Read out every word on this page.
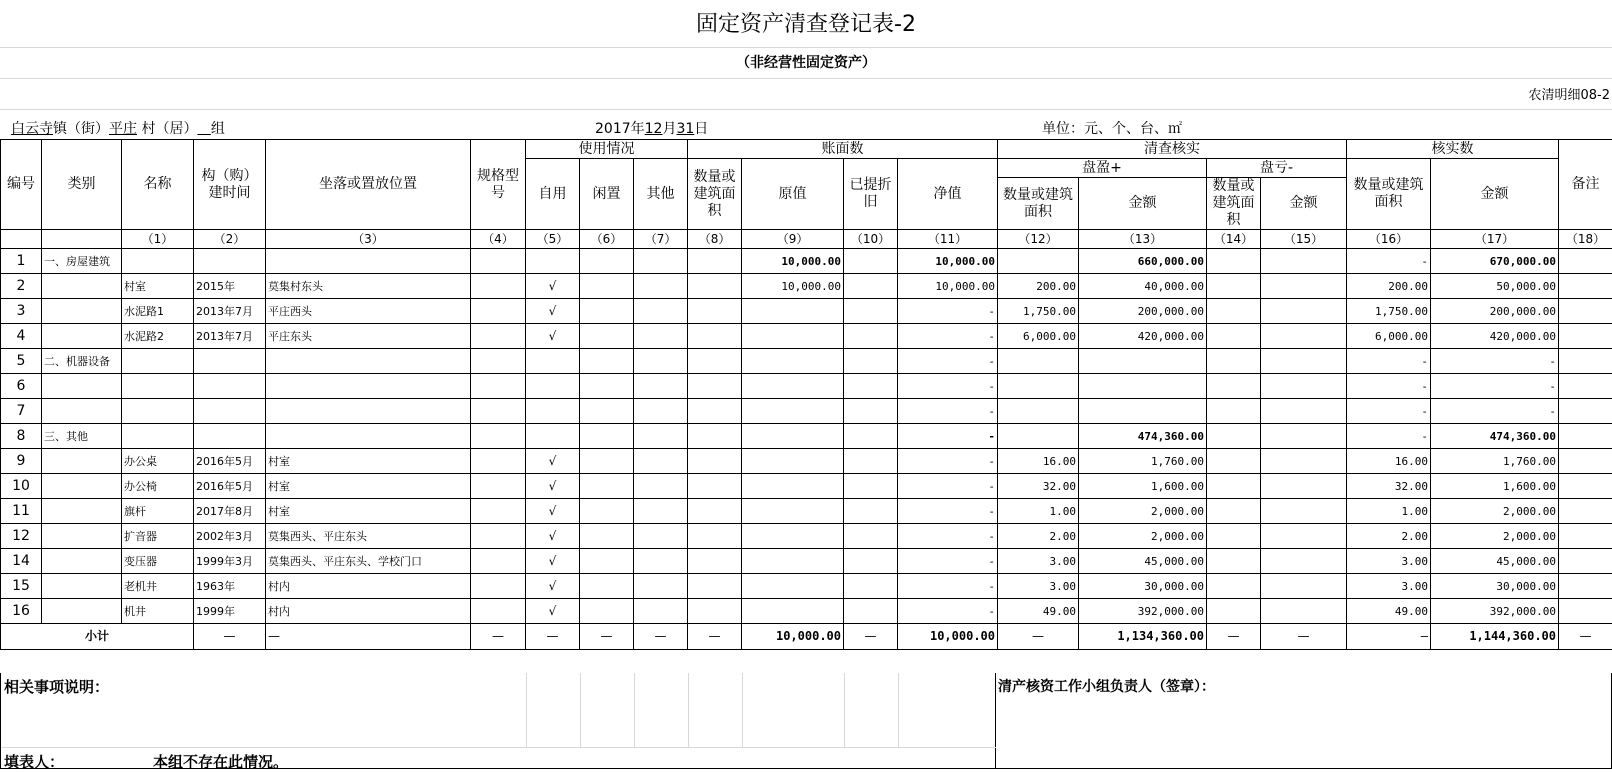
固定资产清查登记表-2
（非经营性固定资产）
农清明细08-2
白云寺镇（街）平庄 村（居） 组	2017年12月31日	单位：元、个、台、㎡
编号	类别	名称	构（购）建时间	坐落或置放位置	规格型号	使用情况			账面数				清查核实				核实数		备注
						自用	闲置	其他	数量或建筑面积	原值	已提折旧	净值	盘盈+		盘亏-		数量或建筑面积	金额	
													数量或建筑面积	金额	数量或建筑面积	金额			
		（1）	（2）	（3）	（4）	（5）	（6）	（7）	（8）	（9）	（10）	（11）	（12）	（13）	（14）	（15）	（16）	（17）	（18）
1	一、房屋建筑									10,000.00		10,000.00		660,000.00			-	670,000.00	
2		村室	2015年	莫集村东头		√				10,000.00		10,000.00	200.00	40,000.00			200.00	50,000.00	
3		水泥路1	2013年7月	平庄西头		√						-	1,750.00	200,000.00			1,750.00	200,000.00	
4		水泥路2	2013年7月	平庄东头		√						-	6,000.00	420,000.00			6,000.00	420,000.00	
5	二、机器设备											-					-	-	
6												-					-	-	
7												-					-	-	
8	三、其他											-		474,360.00			-	474,360.00	
9		办公桌	2016年5月	村室		√						-	16.00	1,760.00			16.00	1,760.00	
10		办公椅	2016年5月	村室		√						-	32.00	1,600.00			32.00	1,600.00	
11		旗杆	2017年8月	村室		√						-	1.00	2,000.00			1.00	2,000.00	
12		扩音器	2002年3月	莫集西头、平庄东头		√						-	2.00	2,000.00			2.00	2,000.00	
14		变压器	1999年3月	莫集西头、平庄东头、学校门口		√						-	3.00	45,000.00			3.00	45,000.00	
15		老机井	1963年	村内		√						-	3.00	30,000.00			3.00	30,000.00	
16		机井	1999年	村内		√						-	49.00	392,000.00			49.00	392,000.00	
小计			—	—	—	—	—	—	—	10,000.00	—	10,000.00	—	1,134,360.00	—	—	—	1,144,360.00	—
相关事项说明：
填表人：	本组不存在此情况。
清产核资工作小组负责人（签章）：
